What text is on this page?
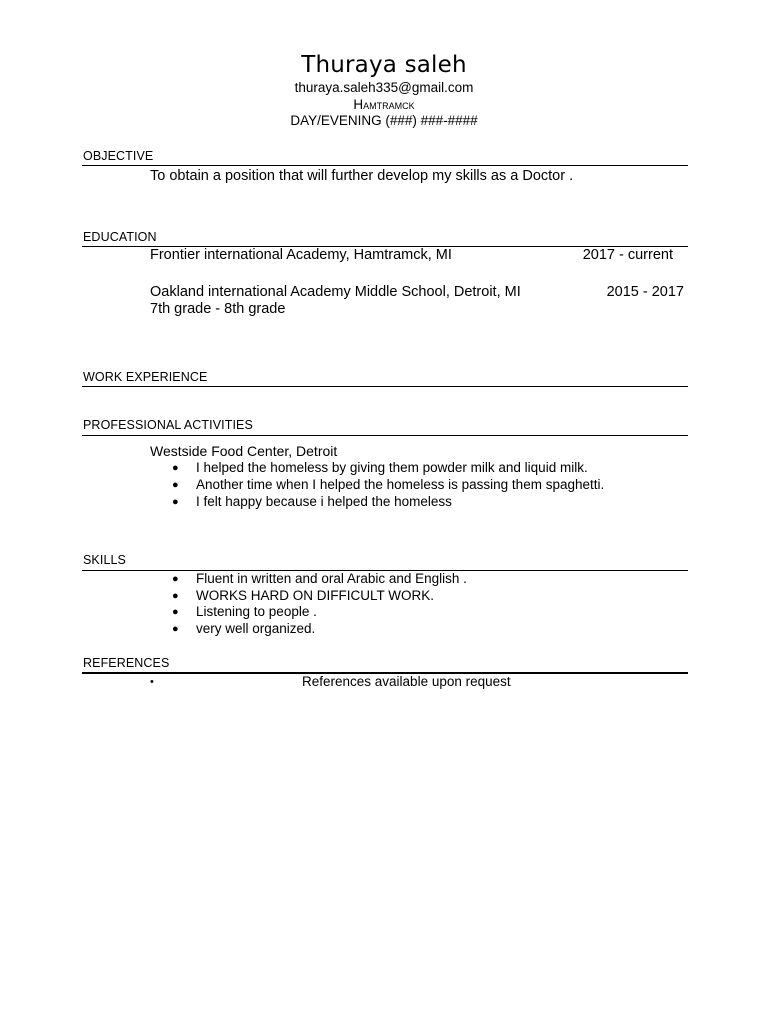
Thuraya saleh
thuraya.saleh335@gmail.com
Hamtramck
DAY/EVENING (###) ###-####
OBJECTIVE
To obtain a position that will further develop my skills as a Doctor .
EDUCATION
Frontier international Academy, Hamtramck, MI	2017 - current
Oakland international Academy Middle School, Detroit, MI	2015 - 2017
7th grade - 8th grade
WORK EXPERIENCE
PROFESSIONAL ACTIVITIES
Westside Food Center, Detroit
● I helped the homeless by giving them powder milk and liquid milk.
● Another time when I helped the homeless is passing them spaghetti.
● I felt happy because i helped the homeless
SKILLS
● Fluent in written and oral Arabic and English .
● WORKS HARD ON DIFFICULT WORK.
● Listening to people .
● very well organized.
REFERENCES
•	References available upon request
